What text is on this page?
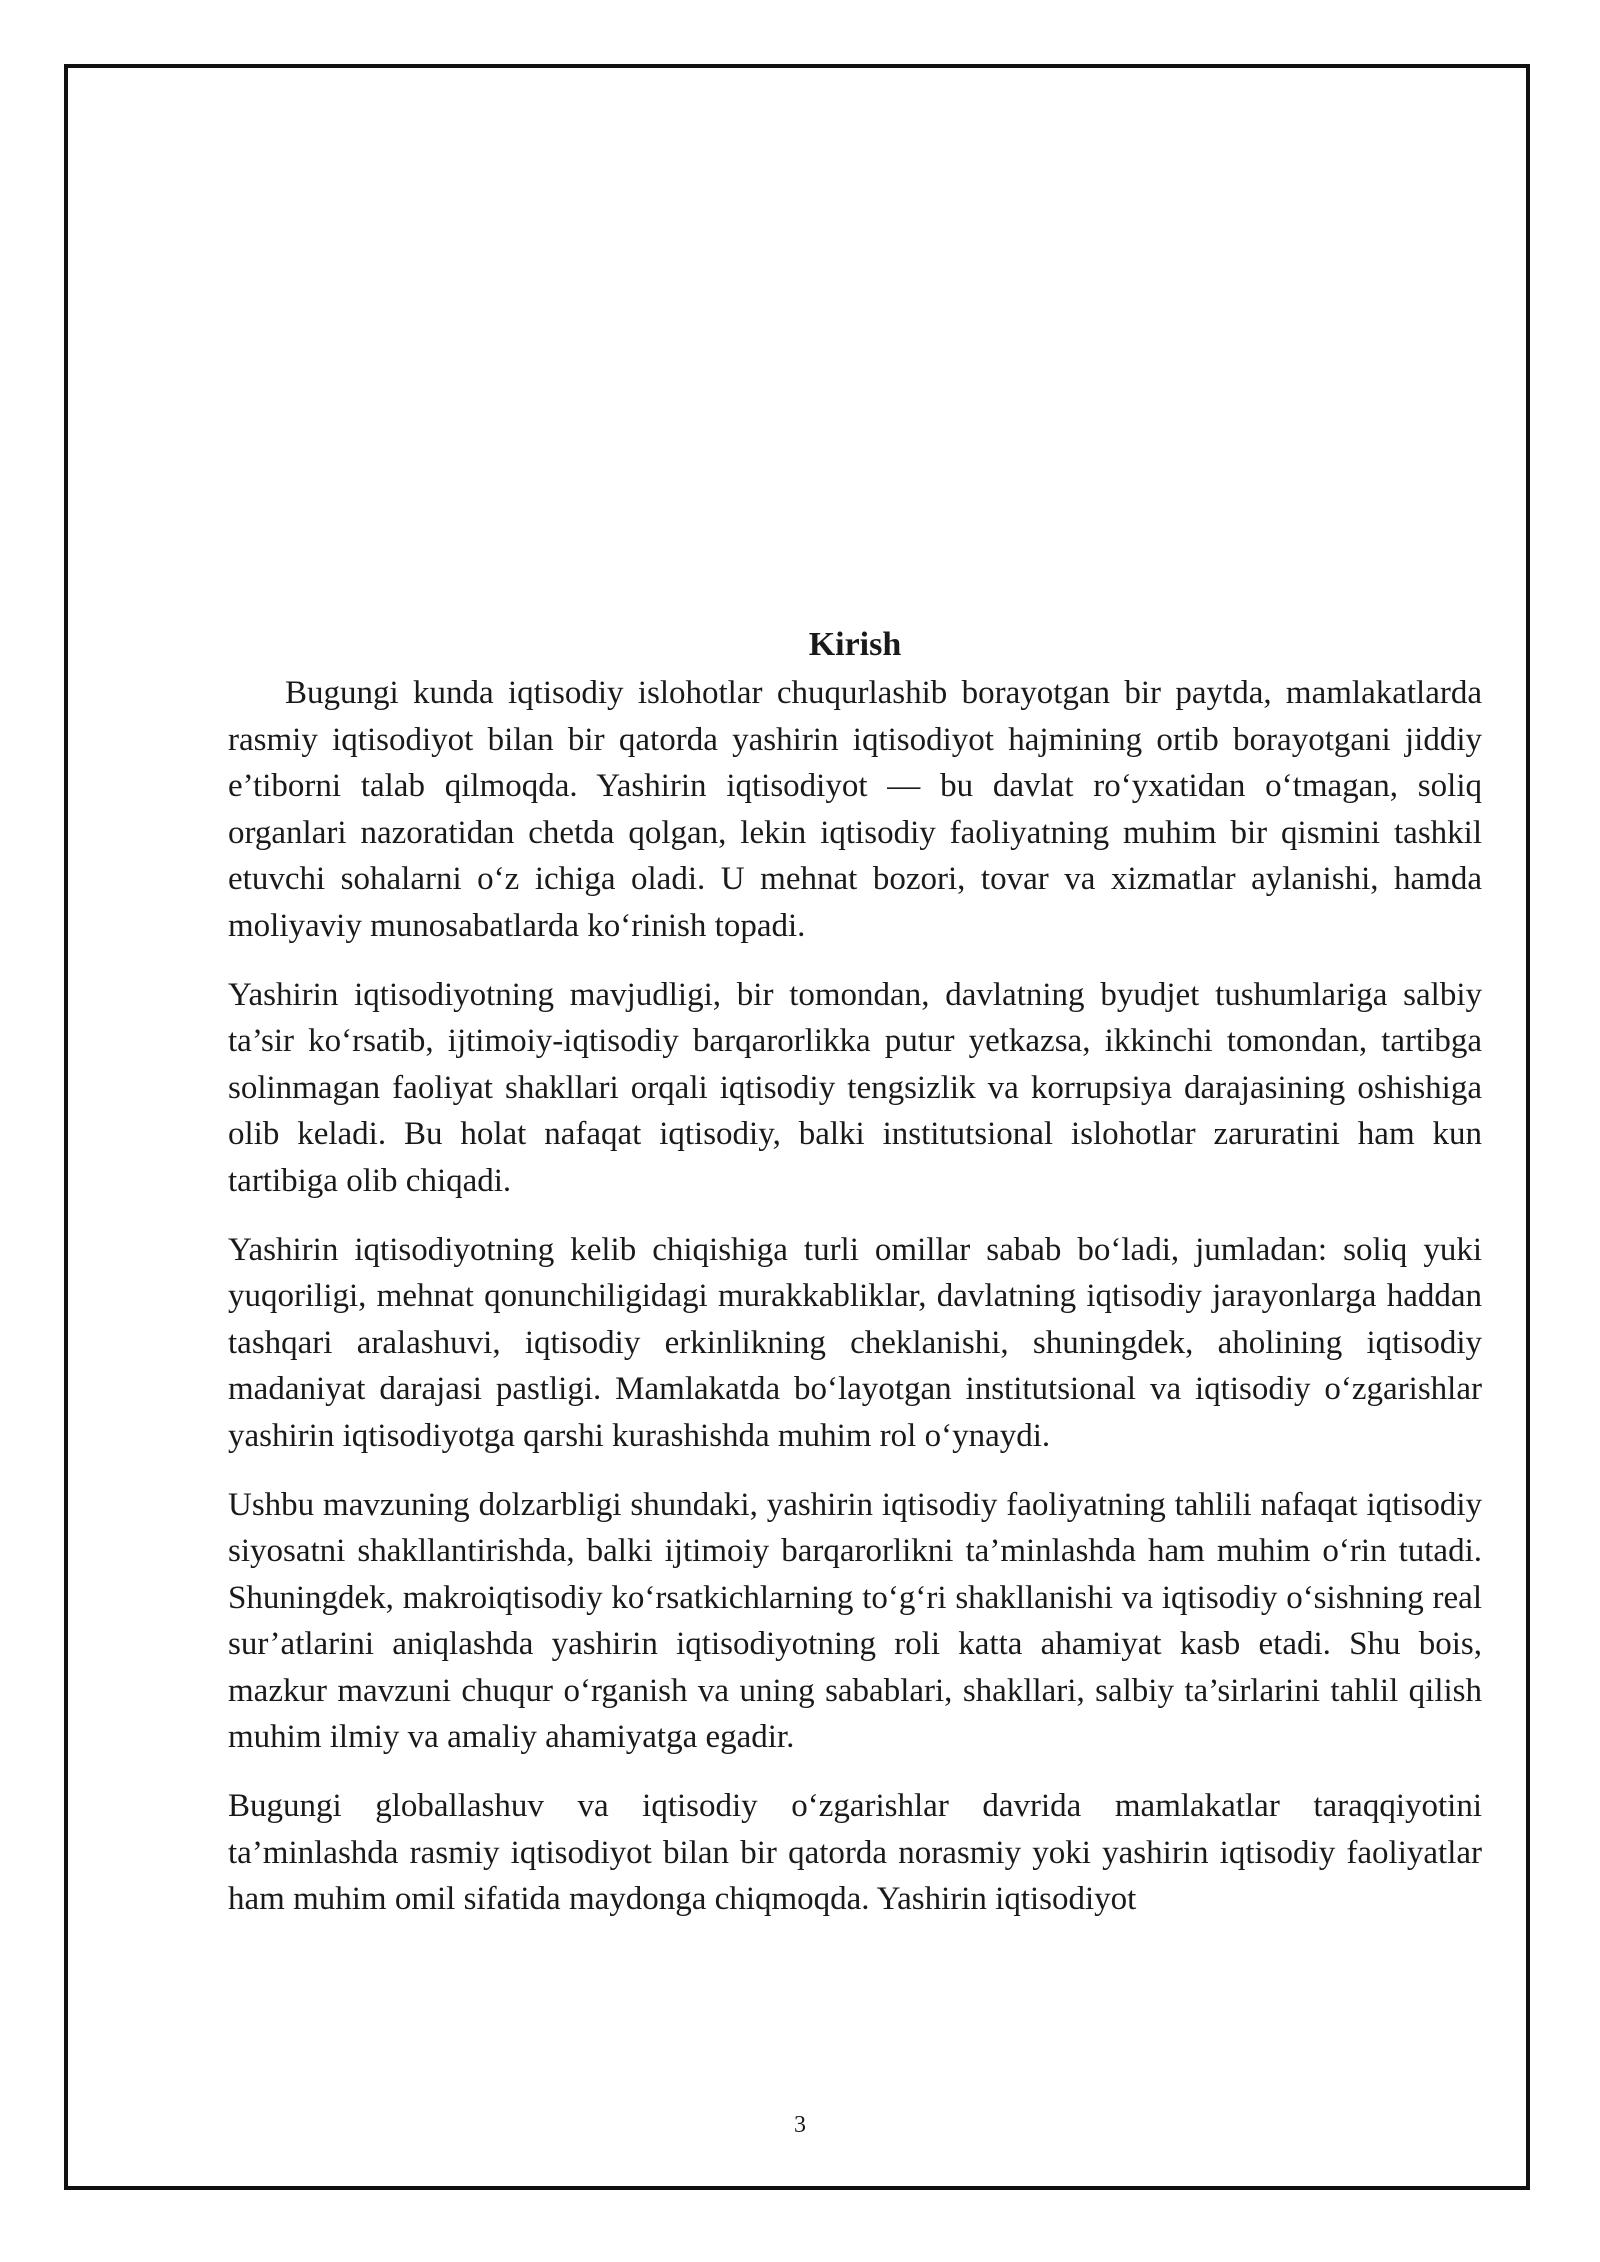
Kirish

Bugungi kunda iqtisodiy islohotlar chuqurlashib borayotgan bir paytda, mamlakatlarda rasmiy iqtisodiyot bilan bir qatorda yashirin iqtisodiyot hajmining ortib borayotgani jiddiy e’tiborni talab qilmoqda. Yashirin iqtisodiyot — bu davlat ro‘yxatidan o‘tmagan, soliq organlari nazoratidan chetda qolgan, lekin iqtisodiy faoliyatning muhim bir qismini tashkil etuvchi sohalarni o‘z ichiga oladi. U mehnat bozori, tovar va xizmatlar aylanishi, hamda moliyaviy munosabatlarda ko‘rinish topadi.

Yashirin iqtisodiyotning mavjudligi, bir tomondan, davlatning byudjet tushumlariga salbiy ta’sir ko‘rsatib, ijtimoiy-iqtisodiy barqarorlikka putur yetkazsa, ikkinchi tomondan, tartibga solinmagan faoliyat shakllari orqali iqtisodiy tengsizlik va korrupsiya darajasining oshishiga olib keladi. Bu holat nafaqat iqtisodiy, balki institutsional islohotlar zaruratini ham kun tartibiga olib chiqadi.

Yashirin iqtisodiyotning kelib chiqishiga turli omillar sabab bo‘ladi, jumladan: soliq yuki yuqoriligi, mehnat qonunchiligidagi murakkabliklar, davlatning iqtisodiy jarayonlarga haddan tashqari aralashuvi, iqtisodiy erkinlikning cheklanishi, shuningdek, aholining iqtisodiy madaniyat darajasi pastligi. Mamlakatda bo‘layotgan institutsional va iqtisodiy o‘zgarishlar yashirin iqtisodiyotga qarshi kurashishda muhim rol o‘ynaydi.

Ushbu mavzuning dolzarbligi shundaki, yashirin iqtisodiy faoliyatning tahlili nafaqat iqtisodiy siyosatni shakllantirishda, balki ijtimoiy barqarorlikni ta’minlashda ham muhim o‘rin tutadi. Shuningdek, makroiqtisodiy ko‘rsatkichlarning to‘g‘ri shakllanishi va iqtisodiy o‘sishning real sur’atlarini aniqlashda yashirin iqtisodiyotning roli katta ahamiyat kasb etadi. Shu bois, mazkur mavzuni chuqur o‘rganish va uning sabablari, shakllari, salbiy ta’sirlarini tahlil qilish muhim ilmiy va amaliy ahamiyatga egadir.

Bugungi globallashuv va iqtisodiy o‘zgarishlar davrida mamlakatlar taraqqiyotini ta’minlashda rasmiy iqtisodiyot bilan bir qatorda norasmiy yoki yashirin iqtisodiy faoliyatlar ham muhim omil sifatida maydonga chiqmoqda. Yashirin iqtisodiyot

3
